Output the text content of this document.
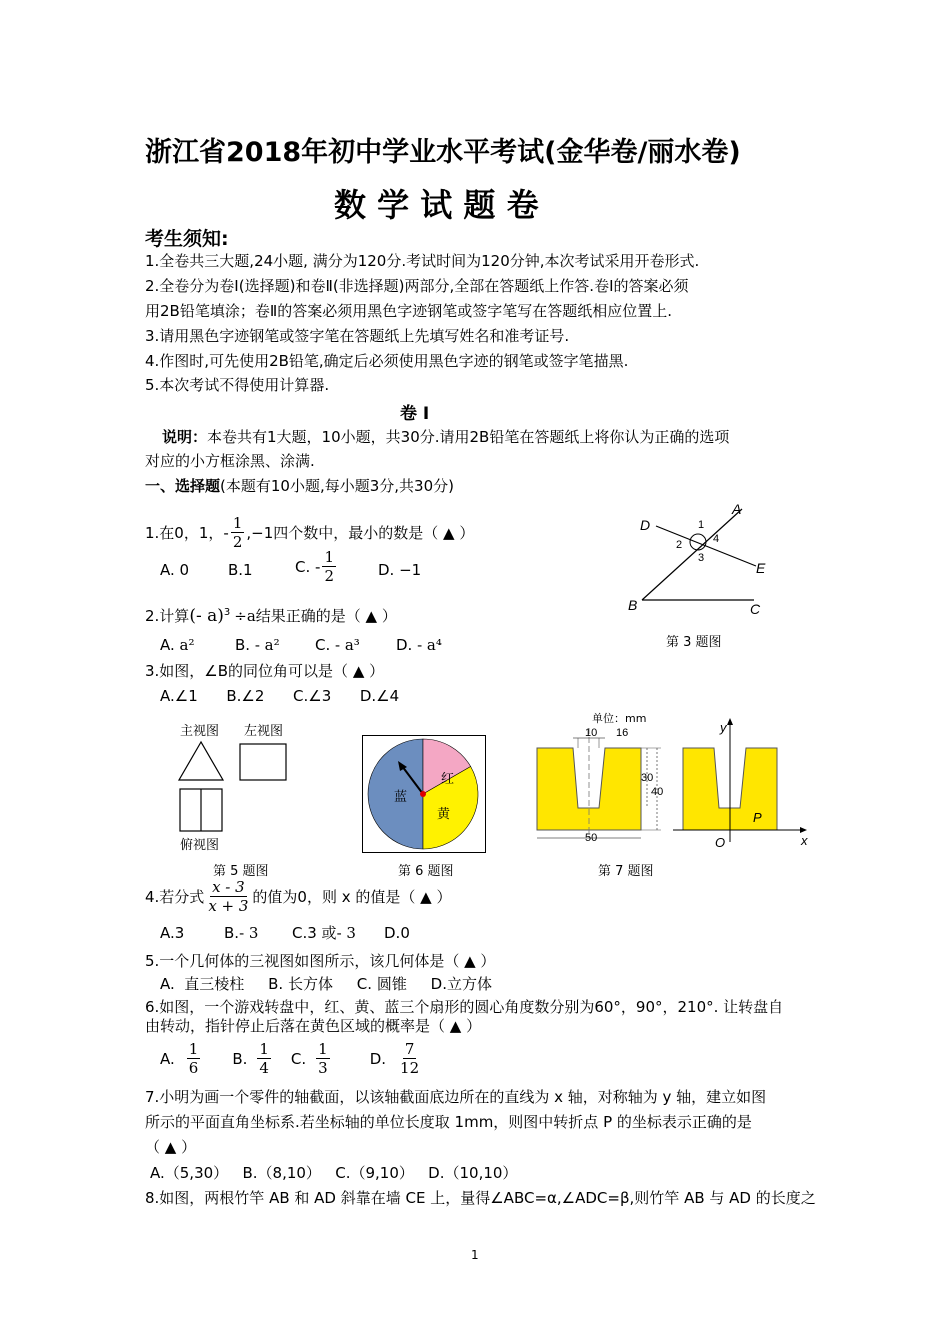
浙江省2018年初中学业水平考试(金华卷/丽水卷)
数 学 试 题 卷
考生须知:
1.全卷共三大题,24小题, 满分为120分.考试时间为120分钟,本次考试采用开卷形式.
2.全卷分为卷Ⅰ(选择题)和卷Ⅱ(非选择题)两部分,全部在答题纸上作答.卷Ⅰ的答案必须
用2B铅笔填涂；卷Ⅱ的答案必须用黑色字迹钢笔或签字笔写在答题纸相应位置上.
3.请用黑色字迹钢笔或签字笔在答题纸上先填写姓名和准考证号.
4.作图时,可先使用2B铅笔,确定后必须使用黑色字迹的钢笔或签字笔描黑.
5.本次考试不得使用计算器.
卷 Ⅰ
说明：本卷共有1大题，10小题，共30分.请用2B铅笔在答题纸上将你认为正确的选项
对应的小方框涂黑、涂满.
一、选择题(本题有10小题,每小题3分,共30分)
1.在0，1， - $\frac{1}{2} ,-1$四个数中，最小的数是（ ▲ ）
A. 0	B.1	C. - $\frac{1}{2}$	D. −1
2.计算(- a)$^3$ ÷a结果正确的是（ ▲ ）
A. a²	B. - a² C. - a³ D. - a⁴
3.如图，∠B的同位角可以是（ ▲ ）
A.∠1      B.∠2      C.∠3      D.∠4
A
D
E
B	C
1
2
3
4
第 3 题图
主视图 左视图
俯视图
第 5 题图
红
黄
蓝
第 6 题图
单位：mm
10 16
30
40
50
y
x
O
P
第 7 题图
4.若分式 $\frac{x - 3}{x + 3}$ 的值为0，则 x 的值是（ ▲ ）
A.3	B.- 3 C.3 或- 3 D.0
5.一个几何体的三视图如图所示，该几何体是（ ▲ ）
A.  直三棱柱     B. 长方体     C. 圆锥     D.立方体
6.如图，一个游戏转盘中，红、黄、蓝三个扇形的圆心角度数分别为60°，90°，210°. 让转盘自
由转动，指针停止后落在黄色区域的概率是（ ▲ ）
A. $\frac{1}{6} B$. $\frac{1}{4} C$. $\frac{1}{3}$	D. $\frac{7}{12}$
7.小明为画一个零件的轴截面，以该轴截面底边所在的直线为 x 轴，对称轴为 y 轴，建立如图
所示的平面直角坐标系.若坐标轴的单位长度取 1mm，则图中转折点 P 的坐标表示正确的是
（ ▲ ）
A.（5,30）   B.（8,10）   C.（9,10）   D.（10,10）
8.如图，两根竹竿 AB 和 AD 斜靠在墙 CE 上，量得∠ABC=α,∠ADC=β,则竹竿 AB 与 AD 的长度之
1
